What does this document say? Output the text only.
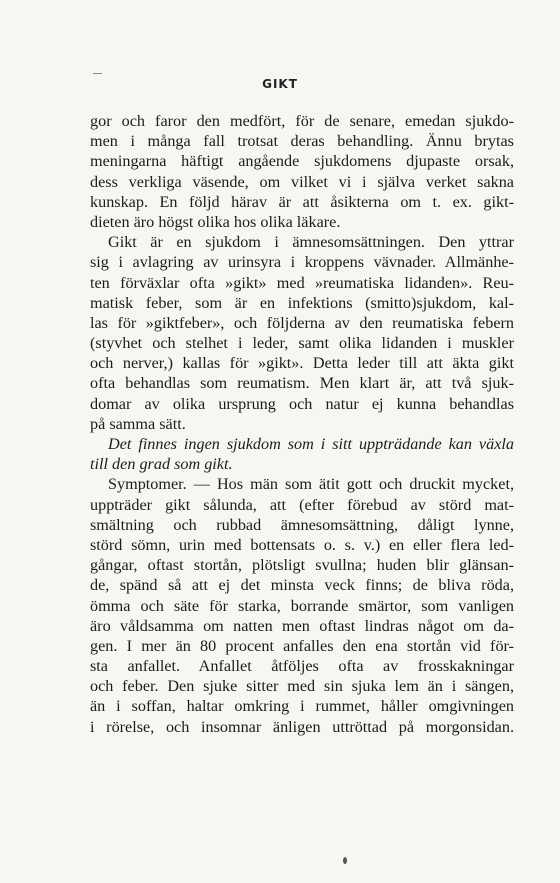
GIKT
gor och faror den medfört, för de senare, emedan sjukdo-
men i många fall trotsat deras behandling. Ännu brytas
meningarna häftigt angående sjukdomens djupaste orsak,
dess verkliga väsende, om vilket vi i själva verket sakna
kunskap. En följd härav är att åsikterna om t. ex. gikt-
dieten äro högst olika hos olika läkare.
Gikt är en sjukdom i ämnesomsättningen. Den yttrar
sig i avlagring av urinsyra i kroppens vävnader. Allmänhe-
ten förväxlar ofta »gikt» med »reumatiska lidanden». Reu-
matisk feber, som är en infektions (smitto)sjukdom, kal-
las för »giktfeber», och följderna av den reumatiska febern
(styvhet och stelhet i leder, samt olika lidanden i muskler
och nerver,) kallas för »gikt». Detta leder till att äkta gikt
ofta behandlas som reumatism. Men klart är, att två sjuk-
domar av olika ursprung och natur ej kunna behandlas
på samma sätt.
Det finnes ingen sjukdom som i sitt uppträdande kan växla
till den grad som gikt.
Symptomer. — Hos män som ätit gott och druckit mycket,
uppträder gikt sålunda, att (efter förebud av störd mat-
smältning och rubbad ämnesomsättning, dåligt lynne,
störd sömn, urin med bottensats o. s. v.) en eller flera led-
gångar, oftast stortån, plötsligt svullna; huden blir glänsan-
de, spänd så att ej det minsta veck finns; de bliva röda,
ömma och säte för starka, borrande smärtor, som vanligen
äro våldsamma om natten men oftast lindras något om da-
gen. I mer än 80 procent anfalles den ena stortån vid för-
sta anfallet. Anfallet åtföljes ofta av frosskakningar
och feber. Den sjuke sitter med sin sjuka lem än i sängen,
än i soffan, haltar omkring i rummet, håller omgivningen
i rörelse, och insomnar änligen uttröttad på morgonsidan.
